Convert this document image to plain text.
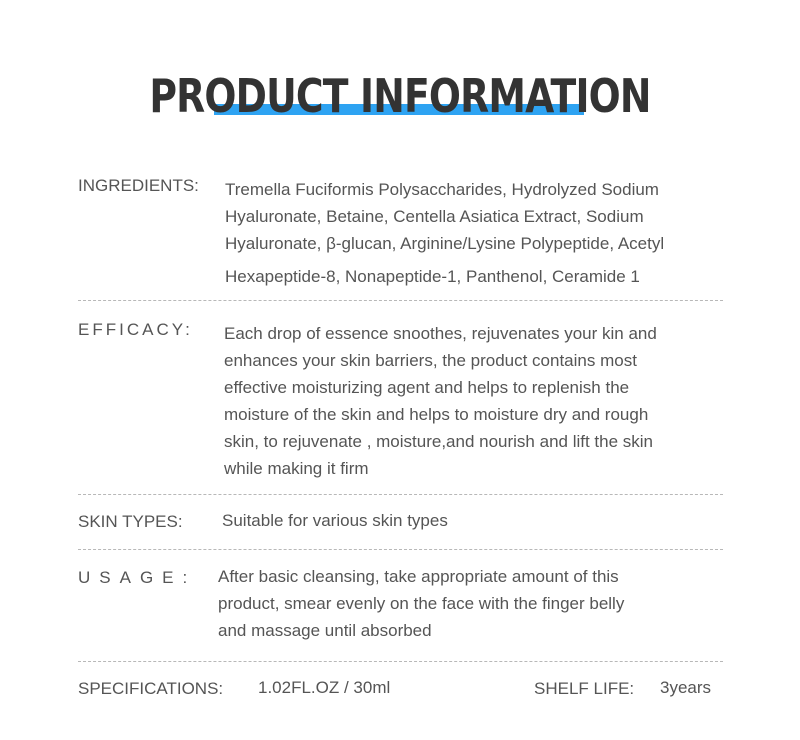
PRODUCT INFORMATION
INGREDIENTS: Tremella Fuciformis Polysaccharides, Hydrolyzed Sodium
Hyaluronate, Betaine, Centella Asiatica Extract, Sodium
Hyaluronate, β-glucan, Arginine/Lysine Polypeptide, Acetyl
Hexapeptide-8, Nonapeptide-1, Panthenol, Ceramide 1
EFFICACY: Each drop of essence snoothes, rejuvenates your kin and
enhances your skin barriers, the product contains most
effective moisturizing agent and helps to replenish the
moisture of the skin and helps to moisture dry and rough
skin, to rejuvenate , moisture,and nourish and lift the skin
while making it firm
SKIN TYPES: Suitable for various skin types
USAGE: After basic cleansing, take appropriate amount of this
product, smear evenly on the face with the finger belly
and massage until absorbed
SPECIFICATIONS: 1.02FL.OZ / 30ml	SHELF LIFE: 3years
